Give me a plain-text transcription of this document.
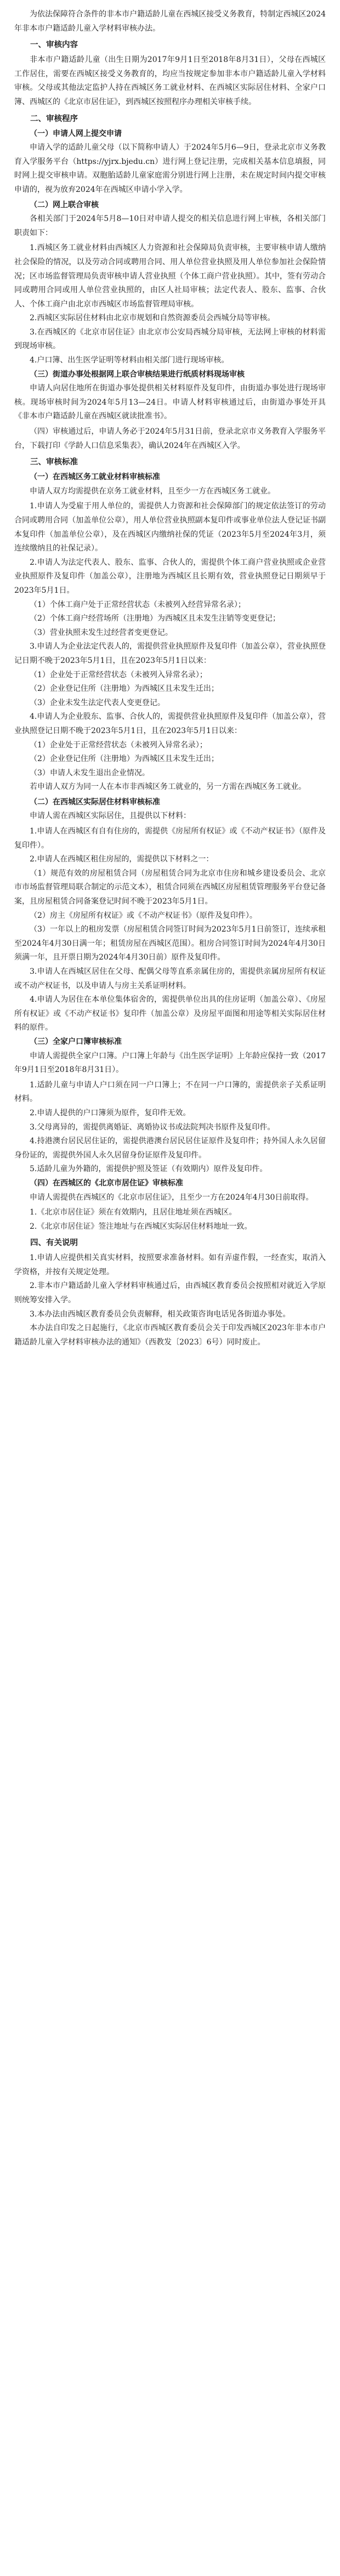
为依法保障符合条件的非本市户籍适龄儿童在西城区接受义务教育，特制定西城区2024年非本市户籍适龄儿童入学材料审核办法。

一、审核内容

非本市户籍适龄儿童（出生日期为2017年9月1日至2018年8月31日），父母在西城区工作居住，需要在西城区接受义务教育的，均应当按规定参加非本市户籍适龄儿童入学材料审核。父母或其他法定监护人持在西城区务工就业材料、在西城区实际居住材料、全家户口簿、西城区的《北京市居住证》，到西城区按照程序办理相关审核手续。

二、审核程序
（一）申请人网上提交申请

申请入学的适龄儿童父母（以下简称申请人）于2024年5月6—9日，登录北京市义务教育入学服务平台（https://yjrx.bjedu.cn）进行网上登记注册，完成相关基本信息填报，同时网上提交审核申请。双胞胎适龄儿童家庭需分别进行网上注册，未在规定时间内提交审核申请的，视为放弃2024年在西城区申请小学入学。

（二）网上联合审核

各相关部门于2024年5月8—10日对申请人提交的相关信息进行网上审核，各相关部门职责如下：

1.西城区务工就业材料由西城区人力资源和社会保障局负责审核，主要审核申请人缴纳社会保险的情况，以及劳动合同或聘用合同、用人单位营业执照及用人单位参加社会保险情况；区市场监督管理局负责审核申请人营业执照（个体工商户营业执照）。其中，签有劳动合同或聘用合同或用人单位营业执照的，由区人社局审核；法定代表人、股东、监事、合伙人、个体工商户由北京市西城区市场监督管理局审核。

2.西城区实际居住材料由北京市规划和自然资源委员会西城分局等审核。

3.在西城区的《北京市居住证》由北京市公安局西城分局审核，无法网上审核的材料需到现场审核。

4.户口簿、出生医学证明等材料由相关部门进行现场审核。

（三）街道办事处根据网上联合审核结果进行纸质材料现场审核

申请人向居住地所在街道办事处提供相关材料原件及复印件，由街道办事处进行现场审核。现场审核时间为2024年5月13—24日。申请人材料审核通过后，由街道办事处开具《非本市户籍适龄儿童在西城区就读批准书》。

（四）审核通过后，申请人务必于2024年5月31日前，登录北京市义务教育入学服务平台，下载打印《学龄人口信息采集表》，确认2024年在西城区入学。

三、审核标准
（一）在西城区务工就业材料审核标准

申请人双方均需提供在京务工就业材料，且至少一方在西城区务工就业。

1.申请人为受雇于用人单位的，需提供人力资源和社会保障部门的规定依法签订的劳动合同或聘用合同（加盖单位公章），用人单位营业执照副本复印件或事业单位法人登记证书副本复印件（加盖单位公章），及在西城区内缴纳社保的凭证（2023年5月至2024年3月，须连续缴纳且的社保记录）。

2.申请人为法定代表人、股东、监事、合伙人的，需提供个体工商户营业执照或企业营业执照原件及复印件（加盖公章），注册地为西城区且长期有效，营业执照登记日期须早于2023年5月1日。

（1）个体工商户处于正常经营状态（未被列入经营异常名录）；

（2）个体工商户经营场所（注册地）为西城区且未发生注销等变更登记；

（3）营业执照未发生过经营者变更登记。

3.申请人为企业法定代表人的，需提供营业执照原件及复印件（加盖公章），营业执照登记日期不晚于2023年5月1日，且在2023年5月1日以来：

（1）企业处于正常经营状态（未被列入异常名录）；

（2）企业登记住所（注册地）为西城区且未发生迁出；

（3）企业未发生法定代表人变更登记。

4.申请人为企业股东、监事、合伙人的，需提供营业执照原件及复印件（加盖公章），营业执照登记日期不晚于2023年5月1日，且在2023年5月1日以来：

（1）企业处于正常经营状态（未被列入异常名录）；

（2）企业登记住所（注册地）为西城区且未发生迁出；

（3）申请人未发生退出企业情况。

若申请人双方为同一人在本市非西城区务工就业的，另一方需在西城区务工就业。

（二）在西城区实际居住材料审核标准

申请人需在西城区实际居住，且提供以下材料：

1.申请人在西城区有自有住房的，需提供《房屋所有权证》或《不动产权证书》（原件及复印件）。

2.申请人在西城区租住房屋的，需提供以下材料之一：

（1）规范有效的房屋租赁合同（房屋租赁合同为北京市住房和城乡建设委员会、北京市市场监督管理局联合制定的示范文本），租赁合同须在西城区房屋租赁管理服务平台登记备案，且房屋租赁合同备案登记时间不晚于2023年5月1日。

（2）房主《房屋所有权证》或《不动产权证书》（原件及复印件）。

（3）一年以上的租房发票（房屋租赁合同签订时间为2023年5月1日前签订，连续承租至2024年4月30日满一年；租赁房屋在西城区范围）。租房合同签订时间为2024年4月30日须满一年，且开票日期为2024年4月30日前）原件及复印件。

3.申请人在西城区居住在父母、配偶父母等直系亲属住房的，需提供亲属房屋所有权证或不动产权证书，以及申请人与房主关系证明材料。

4.申请人为居住在本单位集体宿舍的，需提供单位出具的住房证明（加盖公章）、《房屋所有权证》或《不动产权证书》复印件（加盖公章）及房屋平面图和用途等相关实际居住材料的原件。

（三）全家户口簿审核标准

申请人需提供全家户口簿。户口簿上年龄与《出生医学证明》上年龄应保持一致（2017年9月1日至2018年8月31日）。

1.适龄儿童与申请人户口须在同一户口簿上；不在同一户口簿的，需提供亲子关系证明材料。

2.申请人提供的户口簿须为原件，复印件无效。

3.父母离异的，需提供离婚证、离婚协议书或法院判决书原件及复印件。

4.持港澳台居民居住证的，需提供港澳台居民居住证原件及复印件；持外国人永久居留身份证的，需提供外国人永久居留身份证原件及复印件。

5.适龄儿童为外籍的，需提供护照及签证（有效期内）原件及复印件。

（四）在西城区的《北京市居住证》审核标准

申请人需提供在西城区的《北京市居住证》，且至少一方在2024年4月30日前取得。

1.《北京市居住证》须在有效期内，且居住地址须在西城区。

2.《北京市居住证》签注地址与在西城区实际居住材料地址一致。

四、有关说明

1.申请人应提供相关真实材料，按照要求准备材料。如有弄虚作假，一经查实，取消入学资格，并按有关规定处理。

2.非本市户籍适龄儿童入学材料审核通过后，由西城区教育委员会按照相对就近入学原则统筹安排入学。

3.本办法由西城区教育委员会负责解释，相关政策咨询电话见各街道办事处。

本办法自印发之日起施行，《北京市西城区教育委员会关于印发西城区2023年非本市户籍适龄儿童入学材料审核办法的通知》（西教发〔2023〕6号）同时废止。
